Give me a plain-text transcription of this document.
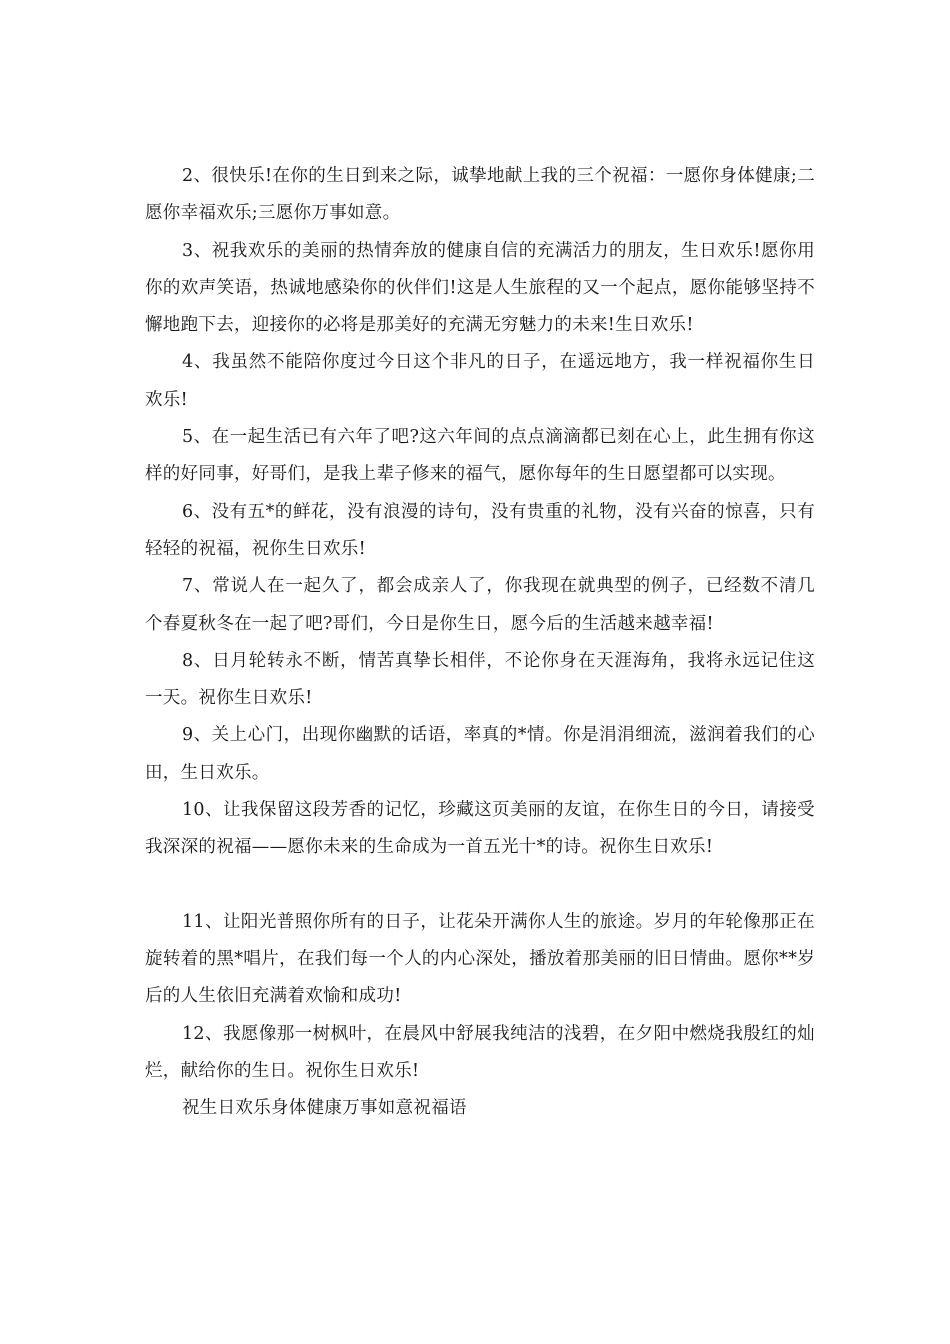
2、很快乐!在你的生日到来之际，诚挚地献上我的三个祝福：一愿你身体健康;二愿你幸福欢乐;三愿你万事如意。

3、祝我欢乐的美丽的热情奔放的健康自信的充满活力的朋友，生日欢乐!愿你用你的欢声笑语，热诚地感染你的伙伴们!这是人生旅程的又一个起点，愿你能够坚持不懈地跑下去，迎接你的必将是那美好的充满无穷魅力的未来!生日欢乐!

4、我虽然不能陪你度过今日这个非凡的日子，在遥远地方，我一样祝福你生日欢乐!

5、在一起生活已有六年了吧?这六年间的点点滴滴都已刻在心上，此生拥有你这样的好同事，好哥们，是我上辈子修来的福气，愿你每年的生日愿望都可以实现。

6、没有五*的鲜花，没有浪漫的诗句，没有贵重的礼物，没有兴奋的惊喜，只有轻轻的祝福，祝你生日欢乐!

7、常说人在一起久了，都会成亲人了，你我现在就典型的例子，已经数不清几个春夏秋冬在一起了吧?哥们，今日是你生日，愿今后的生活越来越幸福!

8、日月轮转永不断，情苦真挚长相伴，不论你身在天涯海角，我将永远记住这一天。祝你生日欢乐!

9、关上心门，出现你幽默的话语，率真的*情。你是涓涓细流，滋润着我们的心田，生日欢乐。

10、让我保留这段芳香的记忆，珍藏这页美丽的友谊，在你生日的今日，请接受我深深的祝福——愿你未来的生命成为一首五光十*的诗。祝你生日欢乐!

11、让阳光普照你所有的日子，让花朵开满你人生的旅途。岁月的年轮像那正在旋转着的黑*唱片，在我们每一个人的内心深处，播放着那美丽的旧日情曲。愿你**岁后的人生依旧充满着欢愉和成功!

12、我愿像那一树枫叶，在晨风中舒展我纯洁的浅碧，在夕阳中燃烧我殷红的灿烂，献给你的生日。祝你生日欢乐!

祝生日欢乐身体健康万事如意祝福语
